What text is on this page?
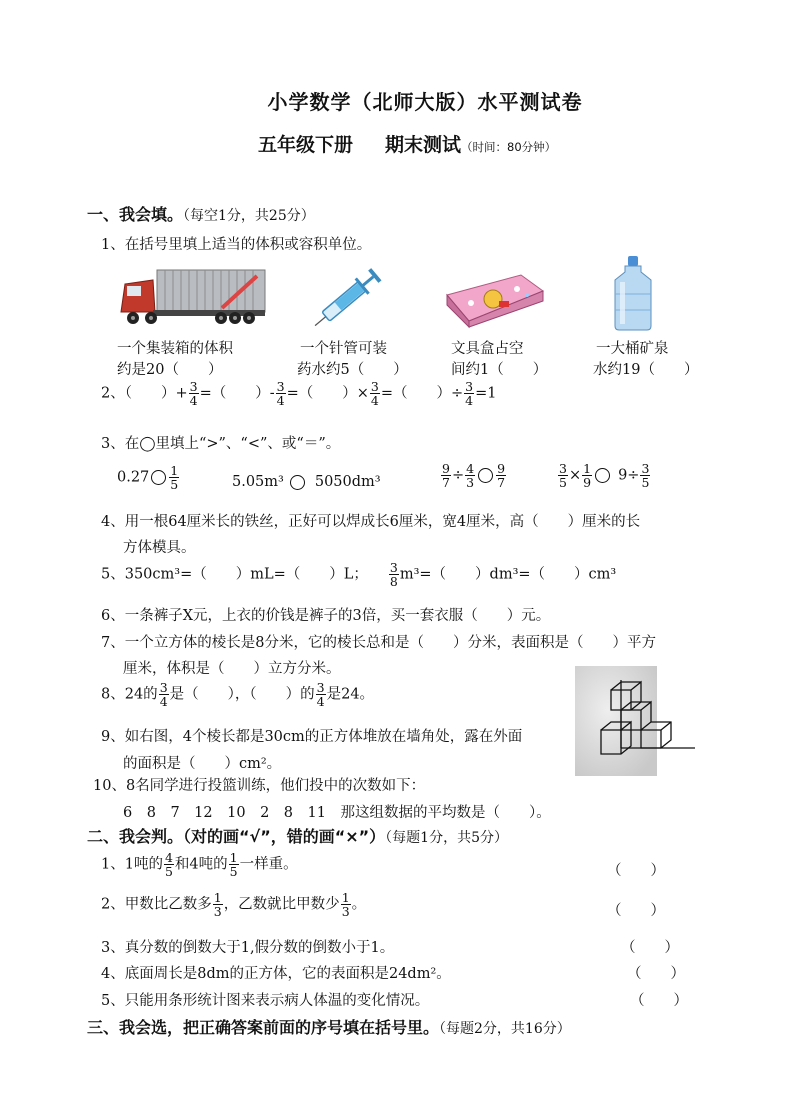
小学数学（北师大版）水平测试卷
五年级下册 期末测试（时间：80分钟）
一、我会填。（每空1分，共25分）
1、在括号里填上适当的体积或容积单位。
一个集装箱的体积
约是20（　　）
一个针管可装
药水约5（　　）
文具盒占空
间约1（　　）
一大桶矿泉
水约19（　　）
2、（　　）+ $\frac{3}{4}$ =（　　）- $\frac{3}{4}$ =（　　）× $\frac{3}{4}$ =（　　）÷ $\frac{3}{4} =1$
3、在◯里填上“>”、“<”、或“＝”。
$0.27 \frac{1}{5}$	5.05m³ 5050dm³	$\frac{9}{7} \div \frac{4}{3} \frac{9}{7}$	$\frac{3}{5} \times \frac{1}{9} 9\div \frac{3}{5}$
4、用一根64厘米长的铁丝，正好可以焊成长6厘米，宽4厘米，高（　　）厘米的长
方体模具。
5、350cm³=（　　）mL=（　　）L； $\frac{3}{8} m^3=$（　　）dm³=（　　）cm³
6、一条裤子X元，上衣的价钱是裤子的3倍，买一套衣服（　　）元。
7、一个立方体的棱长是8分米，它的棱长总和是（　　）分米，表面积是（　　）平方
厘米，体积是（　　）立方分米。
8、24的 $\frac{3}{4}$ 是（　　），（　　）的 $\frac{3}{4}$ 是24。
9、如右图，4个棱长都是30cm的正方体堆放在墙角处，露在外面
的面积是（　　）cm²。
10、8名同学进行投篮训练，他们投中的次数如下：
6　8　7　12　10　2　8　11　那这组数据的平均数是（　　）。
二、我会判。（对的画“√”，错的画“×”）（每题1分，共5分）
1、1吨的 $\frac{4}{5}$ 和4吨的 $\frac{1}{5}$ 一样重。	（　　）
2、甲数比乙数多 $\frac{1}{3}$ ，乙数就比甲数少 $\frac{1}{3}$ 。	（　　）
3、真分数的倒数大于1,假分数的倒数小于1。	（　　）
4、底面周长是8dm的正方体，它的表面积是24dm²。	（　　）
5、只能用条形统计图来表示病人体温的变化情况。	（　　）
三、我会选，把正确答案前面的序号填在括号里。（每题2分，共16分）
